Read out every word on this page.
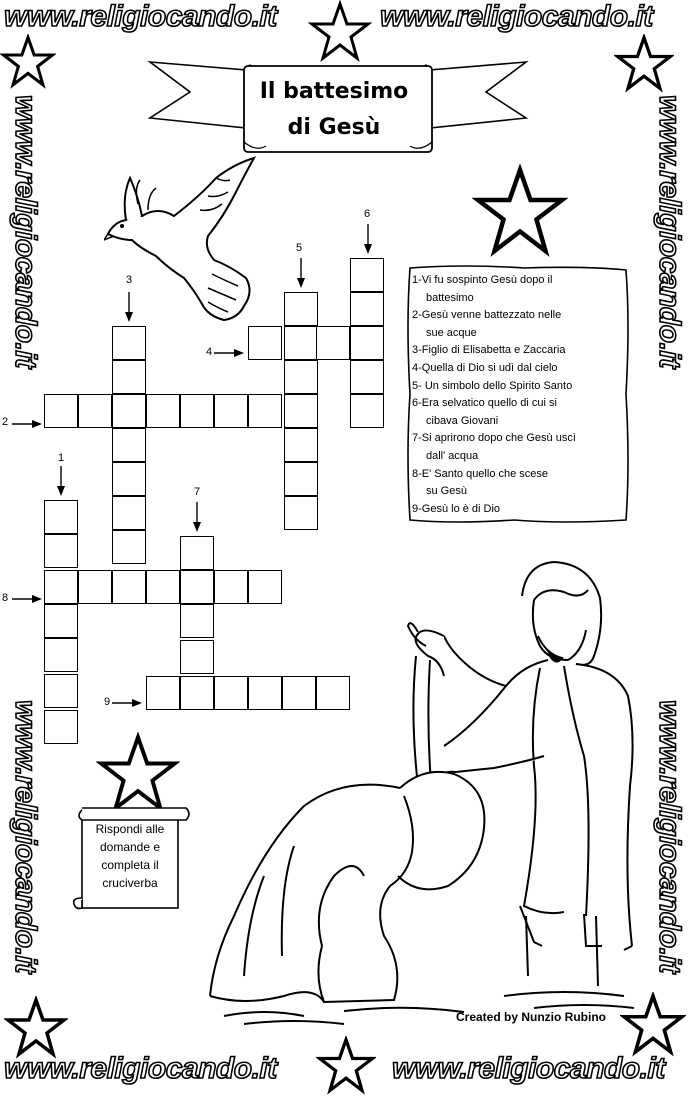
www.religiocando.it	www.religiocando.it
www.religiocando.it	www.religiocando.it
www.religiocando.it
www.religiocando.it
www.religiocando.it
www.religiocando.it
Il battesimo
di Gesù
6
5
3
4
2
1
7
8
9
1-Vi fu sospinto Gesù dopo il
battesimo
2-Gesù venne battezzato nelle
sue acque
3-Figlio di Elisabetta e Zaccaria
4-Quella di Dio si udì dal cielo
5- Un simbolo dello Spirito Santo
6-Era selvatico quello di cui si
cibava Giovani
7-Si aprirono dopo che Gesù uscì
dall' acqua
8-E' Santo quello che scese
su Gesù
9-Gesù lo è di Dio
Rispondi alle
domande e
completa il
cruciverba
Created by Nunzio Rubino
